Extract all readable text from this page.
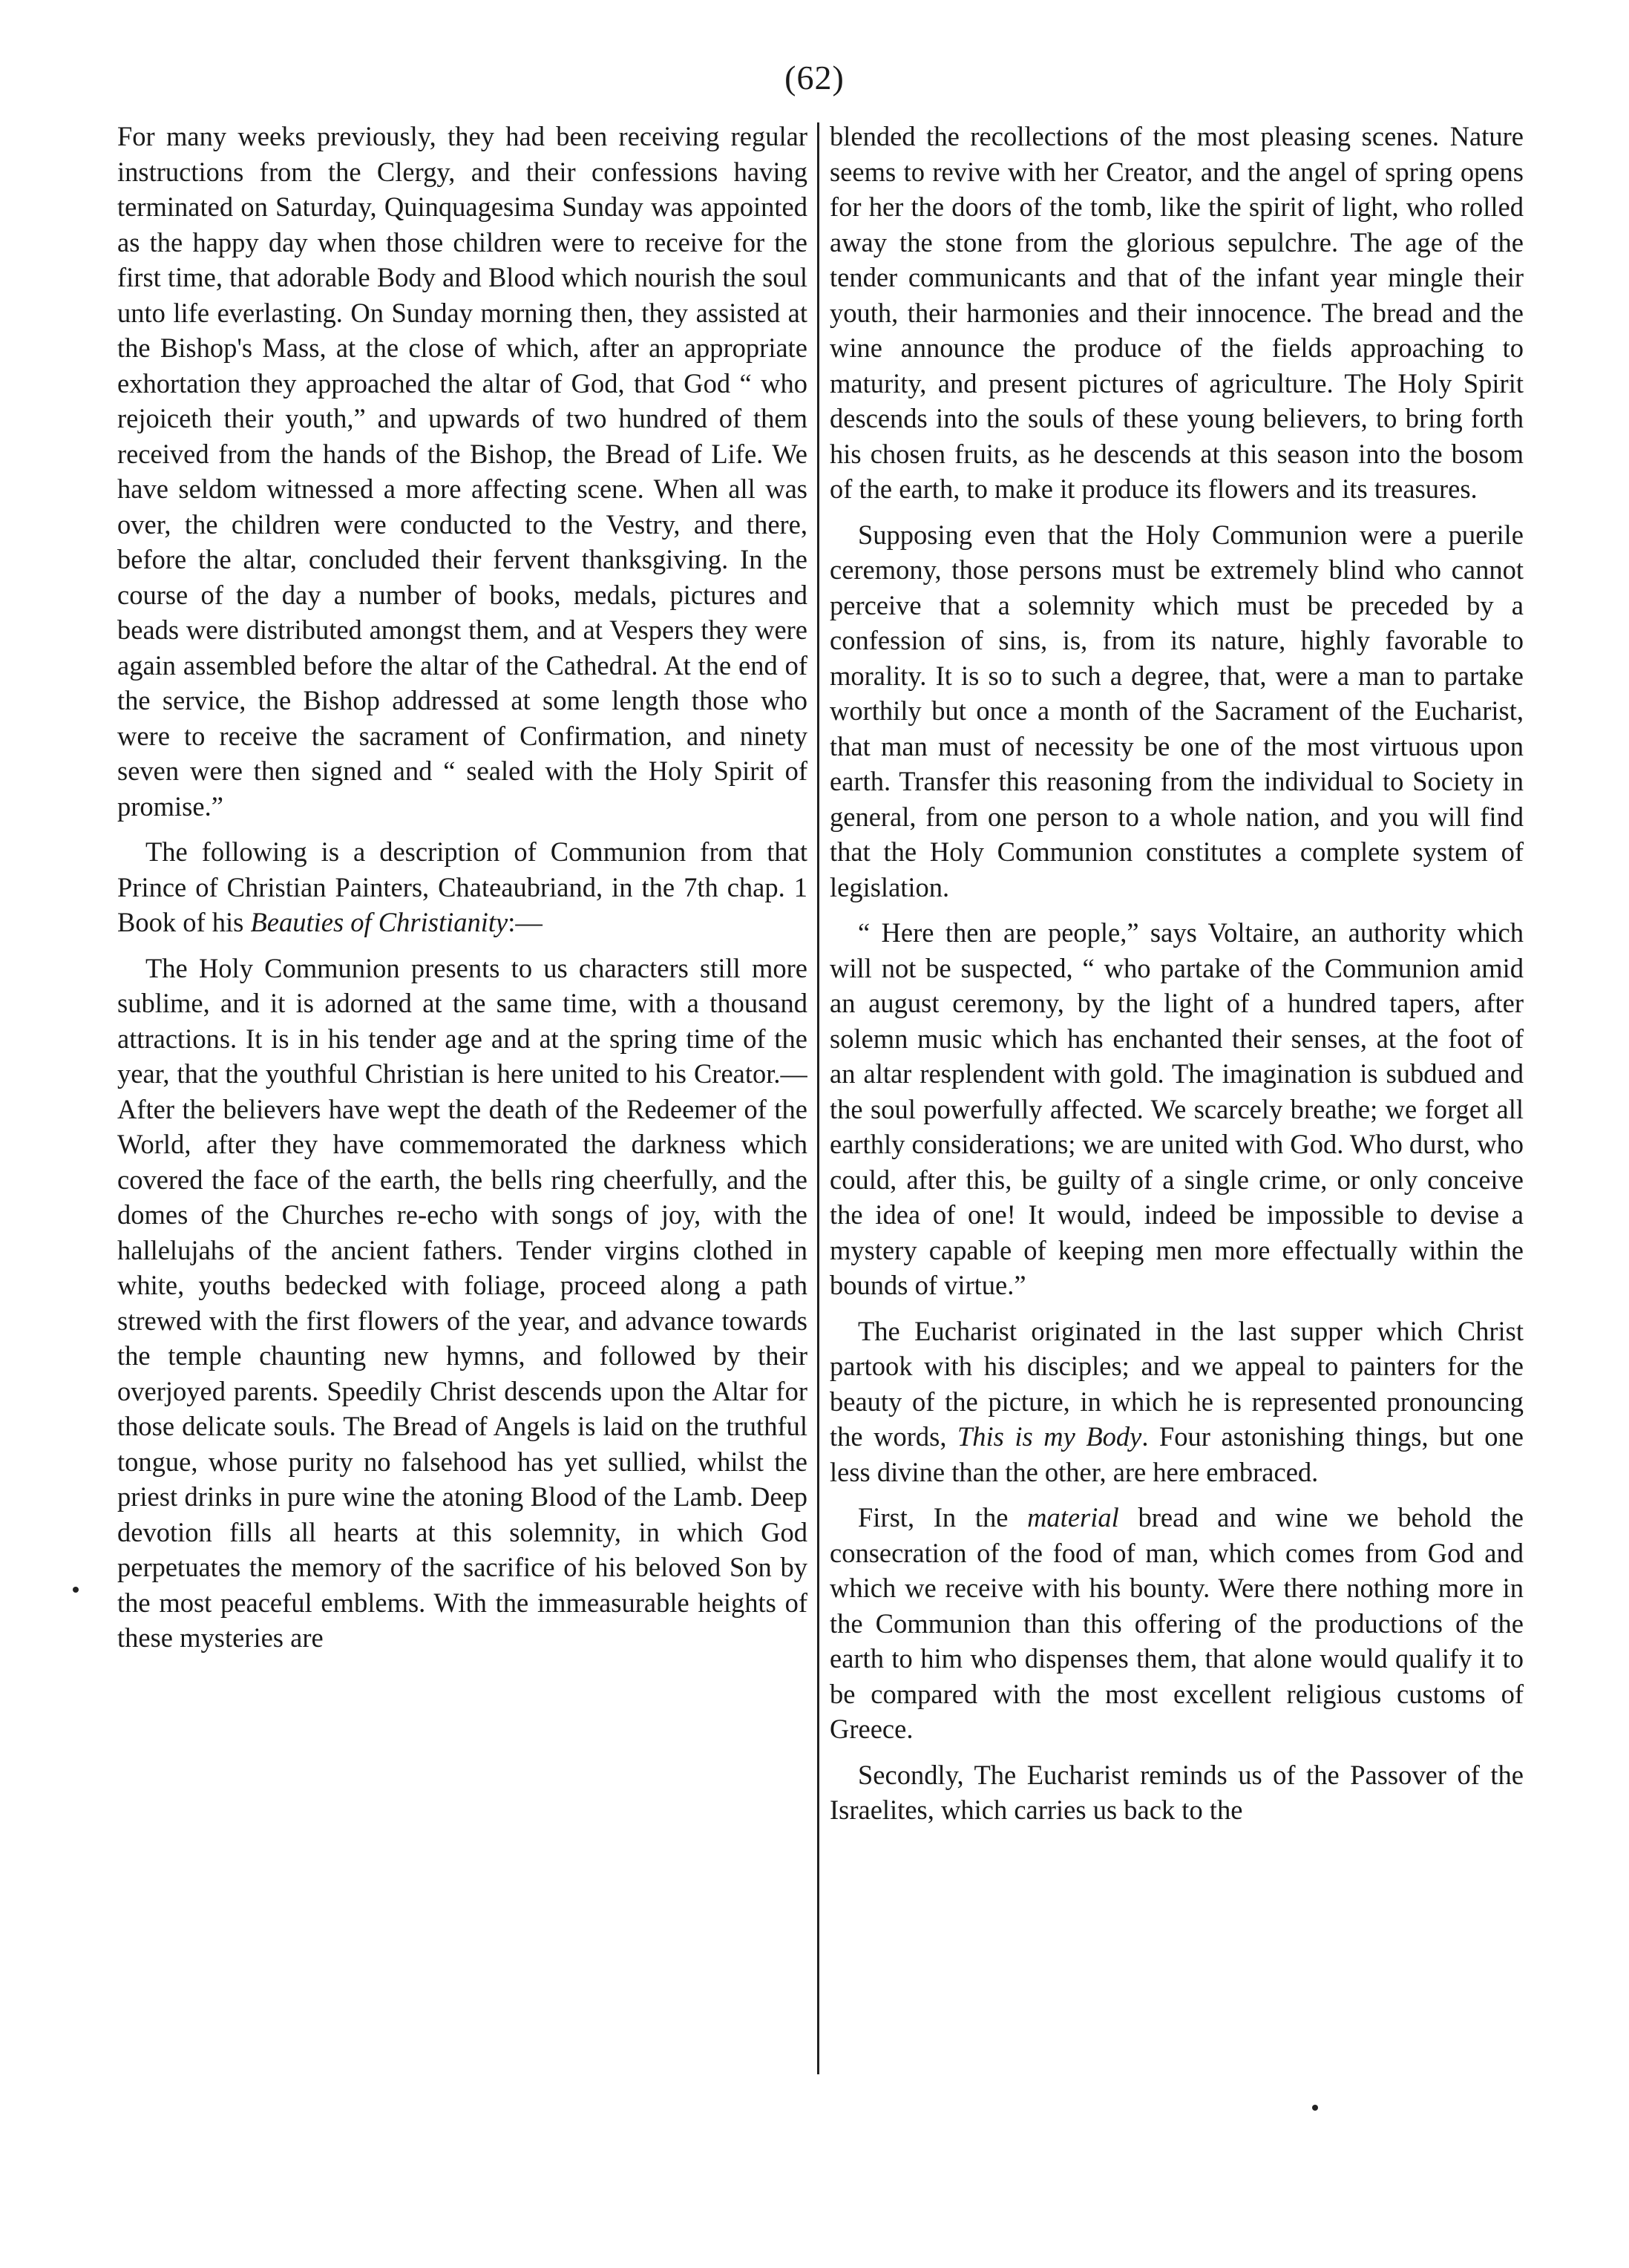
(62)

For many weeks previously, they had been receiving regular instructions from the Clergy, and their confessions having terminated on Saturday, Quinquagesima Sunday was appointed as the happy day when those children were to receive for the first time, that adorable Body and Blood which nourish the soul unto life everlasting. On Sunday morning then, they assisted at the Bishop's Mass, at the close of which, after an appropriate exhortation they approached the altar of God, that God “ who rejoiceth their youth,” and upwards of two hundred of them received from the hands of the Bishop, the Bread of Life. We have seldom witnessed a more affecting scene. When all was over, the children were conducted to the Vestry, and there, before the altar, concluded their fervent thanksgiving. In the course of the day a number of books, medals, pictures and beads were distributed amongst them, and at Vespers they were again assembled before the altar of the Cathedral. At the end of the service, the Bishop addressed at some length those who were to receive the sacrament of Confirmation, and ninety seven were then signed and “ sealed with the Holy Spirit of promise.”

The following is a description of Communion from that Prince of Christian Painters, Chateaubriand, in the 7th chap. 1 Book of his Beauties of Christianity:—

The Holy Communion presents to us characters still more sublime, and it is adorned at the same time, with a thousand attractions. It is in his tender age and at the spring time of the year, that the youthful Christian is here united to his Creator.— After the believers have wept the death of the Redeemer of the World, after they have commemorated the darkness which covered the face of the earth, the bells ring cheerfully, and the domes of the Churches re-echo with songs of joy, with the hallelujahs of the ancient fathers. Tender virgins clothed in white, youths bedecked with foliage, proceed along a path strewed with the first flowers of the year, and advance towards the temple chaunting new hymns, and followed by their overjoyed parents. Speedily Christ descends upon the Altar for those delicate souls. The Bread of Angels is laid on the truthful tongue, whose purity no falsehood has yet sullied, whilst the priest drinks in pure wine the atoning Blood of the Lamb. Deep devotion fills all hearts at this solemnity, in which God perpetuates the memory of the sacrifice of his beloved Son by the most peaceful emblems. With the immeasurable heights of these mysteries are

blended the recollections of the most pleasing scenes. Nature seems to revive with her Creator, and the angel of spring opens for her the doors of the tomb, like the spirit of light, who rolled away the stone from the glorious sepulchre. The age of the tender communicants and that of the infant year mingle their youth, their harmonies and their innocence. The bread and the wine announce the produce of the fields approaching to maturity, and present pictures of agriculture. The Holy Spirit descends into the souls of these young believers, to bring forth his chosen fruits, as he descends at this season into the bosom of the earth, to make it produce its flowers and its treasures.

Supposing even that the Holy Communion were a puerile ceremony, those persons must be extremely blind who cannot perceive that a solemnity which must be preceded by a confession of sins, is, from its nature, highly favorable to morality. It is so to such a degree, that, were a man to partake worthily but once a month of the Sacrament of the Eucharist, that man must of necessity be one of the most virtuous upon earth. Transfer this reasoning from the individual to Society in general, from one person to a whole nation, and you will find that the Holy Communion constitutes a complete system of legislation.

“ Here then are people,” says Voltaire, an authority which will not be suspected, “ who partake of the Communion amid an august ceremony, by the light of a hundred tapers, after solemn music which has enchanted their senses, at the foot of an altar resplendent with gold. The imagination is subdued and the soul powerfully affected. We scarcely breathe; we forget all earthly considerations; we are united with God. Who durst, who could, after this, be guilty of a single crime, or only conceive the idea of one! It would, indeed be impossible to devise a mystery capable of keeping men more effectually within the bounds of virtue.”

The Eucharist originated in the last supper which Christ partook with his disciples; and we appeal to painters for the beauty of the picture, in which he is represented pronouncing the words, This is my Body. Four astonishing things, but one less divine than the other, are here embraced.

First, In the material bread and wine we behold the consecration of the food of man, which comes from God and which we receive with his bounty. Were there nothing more in the Communion than this offering of the productions of the earth to him who dispenses them, that alone would qualify it to be compared with the most excellent religious customs of Greece.

Secondly, The Eucharist reminds us of the Passover of the Israelites, which carries us back to the
